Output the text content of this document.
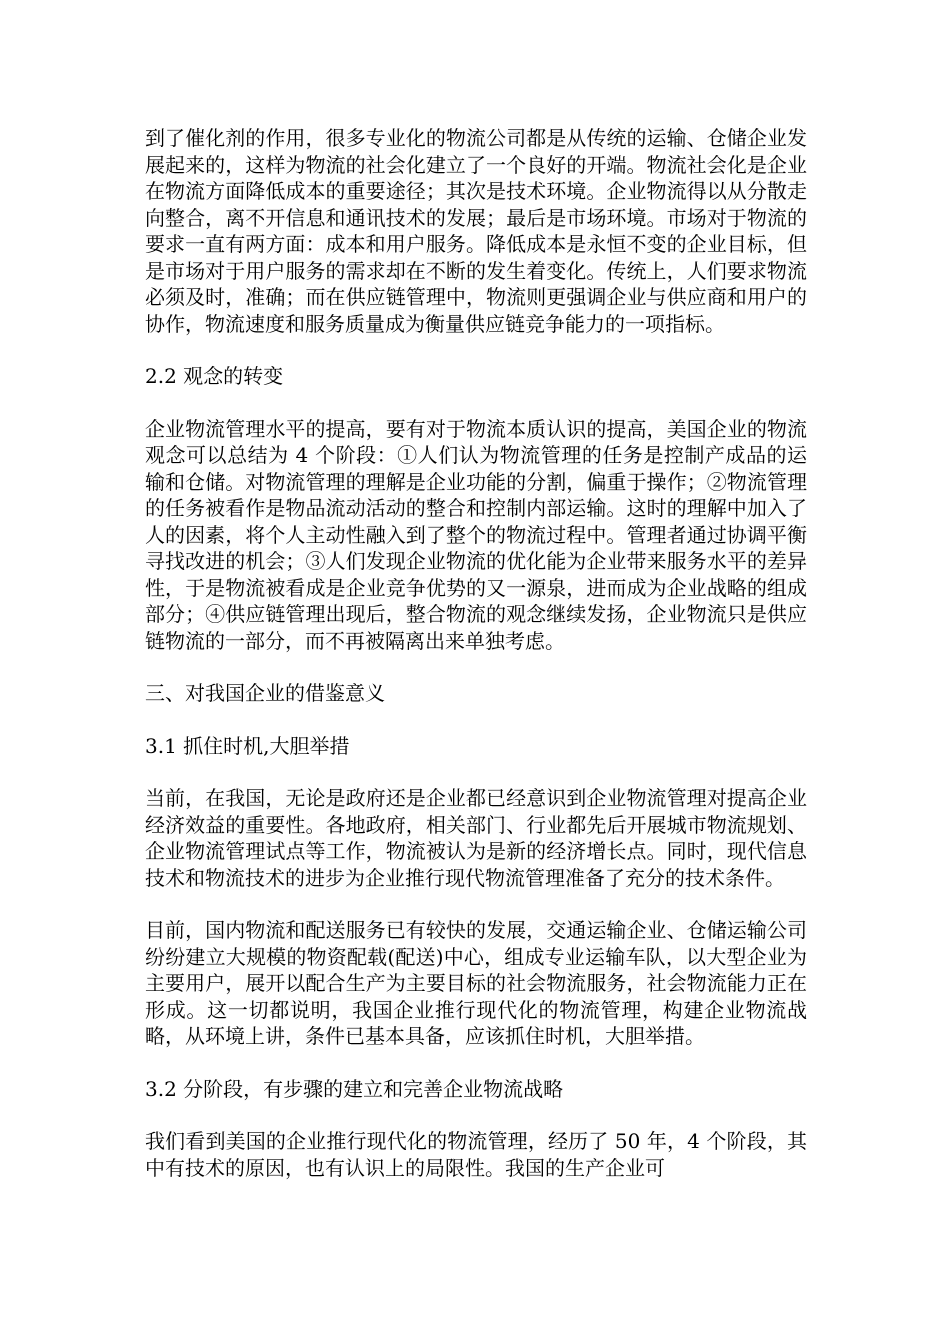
到了催化剂的作用，很多专业化的物流公司都是从传统的运输、仓储企业发展起来的，这样为物流的社会化建立了一个良好的开端。物流社会化是企业在物流方面降低成本的重要途径；其次是技术环境。企业物流得以从分散走向整合，离不开信息和通讯技术的发展；最后是市场环境。市场对于物流的要求一直有两方面：成本和用户服务。降低成本是永恒不变的企业目标，但是市场对于用户服务的需求却在不断的发生着变化。传统上，人们要求物流必须及时，准确；而在供应链管理中，物流则更强调企业与供应商和用户的协作，物流速度和服务质量成为衡量供应链竞争能力的一项指标。

2.2 观念的转变

企业物流管理水平的提高，要有对于物流本质认识的提高，美国企业的物流观念可以总结为 4 个阶段：①人们认为物流管理的任务是控制产成品的运输和仓储。对物流管理的理解是企业功能的分割，偏重于操作；②物流管理的任务被看作是物品流动活动的整合和控制内部运输。这时的理解中加入了人的因素，将个人主动性融入到了整个的物流过程中。管理者通过协调平衡寻找改进的机会；③人们发现企业物流的优化能为企业带来服务水平的差异性，于是物流被看成是企业竞争优势的又一源泉，进而成为企业战略的组成部分；④供应链管理出现后，整合物流的观念继续发扬，企业物流只是供应链物流的一部分，而不再被隔离出来单独考虑。

三、对我国企业的借鉴意义

3.1 抓住时机,大胆举措

当前，在我国，无论是政府还是企业都已经意识到企业物流管理对提高企业经济效益的重要性。各地政府，相关部门、行业都先后开展城市物流规划、企业物流管理试点等工作，物流被认为是新的经济增长点。同时，现代信息技术和物流技术的进步为企业推行现代物流管理准备了充分的技术条件。

目前，国内物流和配送服务已有较快的发展，交通运输企业、仓储运输公司纷纷建立大规模的物资配载(配送)中心，组成专业运输车队，以大型企业为主要用户，展开以配合生产为主要目标的社会物流服务，社会物流能力正在形成。这一切都说明，我国企业推行现代化的物流管理，构建企业物流战略，从环境上讲，条件已基本具备，应该抓住时机，大胆举措。

3.2 分阶段，有步骤的建立和完善企业物流战略

我们看到美国的企业推行现代化的物流管理，经历了 50 年，4 个阶段，其中有技术的原因，也有认识上的局限性。我国的生产企业可
